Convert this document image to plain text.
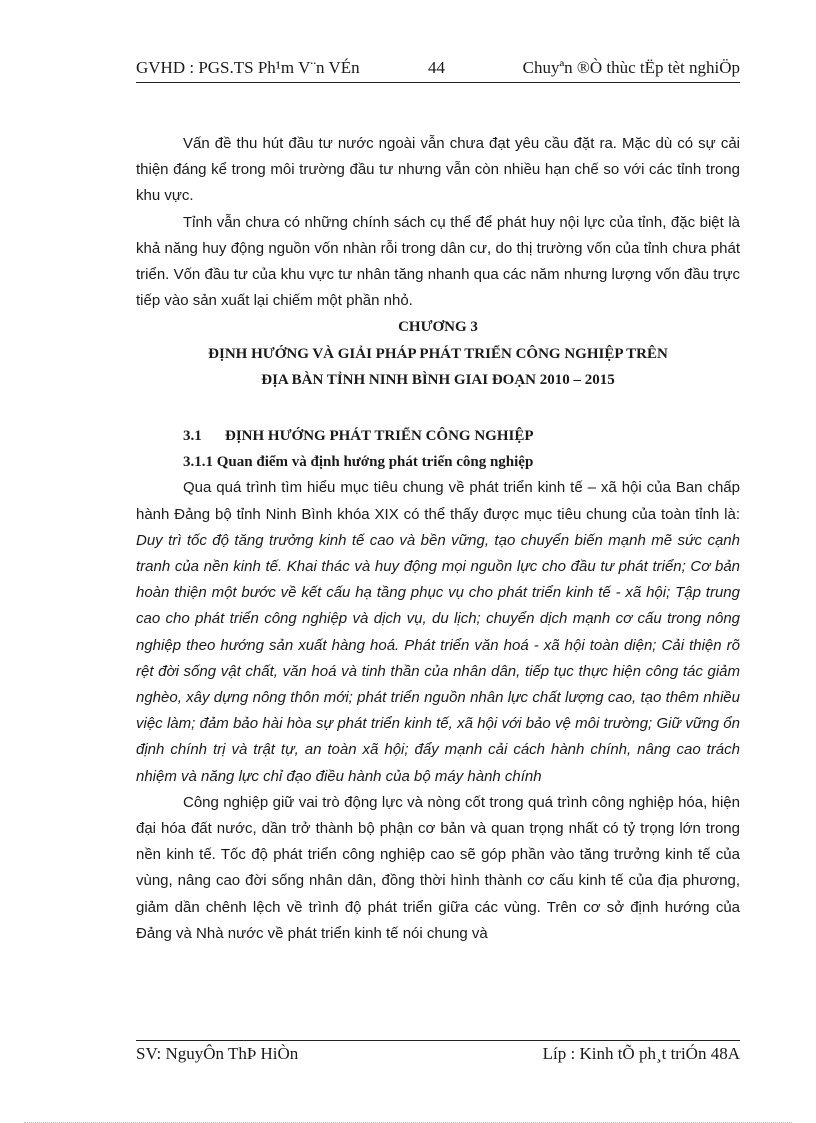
GVHD : PGS.TS Ph¹m V¨n VÉn	44	Chuyªn ®Ò thùc tËp tèt nghiÖp

Vấn đề thu hút đầu tư nước ngoài vẫn chưa đạt yêu cầu đặt ra. Mặc dù có sự cải thiện đáng kể trong môi trường đầu tư nhưng vẫn còn nhiều hạn chế so với các tỉnh trong khu vực.

Tỉnh vẫn chưa có những chính sách cụ thể để phát huy nội lực của tỉnh, đặc biệt là khả năng huy động nguồn vốn nhàn rỗi trong dân cư, do thị trường vốn của tỉnh chưa phát triển. Vốn đầu tư của khu vực tư nhân tăng nhanh qua các năm nhưng lượng vốn đầu trực tiếp vào sản xuất lại chiếm một phần nhỏ.

CHƯƠNG 3
ĐỊNH HƯỚNG VÀ GIẢI PHÁP PHÁT TRIỂN CÔNG NGHIỆP TRÊN
ĐỊA BÀN TỈNH NINH BÌNH GIAI ĐOẠN 2010 – 2015
3.1 ĐỊNH HƯỚNG PHÁT TRIỂN CÔNG NGHIỆP
3.1.1 Quan điểm và định hướng phát triển công nghiệp

Qua quá trình tìm hiểu mục tiêu chung về phát triển kinh tế – xã hội của Ban chấp hành Đảng bộ tỉnh Ninh Bình khóa XIX có thể thấy được mục tiêu chung của toàn tỉnh là: Duy trì tốc độ tăng trưởng kinh tế cao và bền vững, tạo chuyển biến mạnh mẽ sức cạnh tranh của nền kinh tế. Khai thác và huy động mọi nguồn lực cho đầu tư phát triển; Cơ bản hoàn thiện một bước về kết cấu hạ tầng phục vụ cho phát triển kinh tế - xã hội; Tập trung cao cho phát triển công nghiệp và dịch vụ, du lịch; chuyển dịch mạnh cơ cấu trong nông nghiệp theo hướng sản xuất hàng hoá. Phát triển văn hoá - xã hội toàn diện; Cải thiện rõ rệt đời sống vật chất, văn hoá và tinh thần của nhân dân, tiếp tục thực hiện công tác giảm nghèo, xây dựng nông thôn mới; phát triển nguồn nhân lực chất lượng cao, tạo thêm nhiều việc làm; đảm bảo hài hòa sự phát triển kinh tế, xã hội với bảo vệ môi trường; Giữ vững ổn định chính trị và trật tự, an toàn xã hội; đẩy mạnh cải cách hành chính, nâng cao trách nhiệm và năng lực chỉ đạo điều hành của bộ máy hành chính

Công nghiệp giữ vai trò động lực và nòng cốt trong quá trình công nghiệp hóa, hiện đại hóa đất nước, dần trở thành bộ phận cơ bản và quan trọng nhất có tỷ trọng lớn trong nền kinh tế. Tốc độ phát triển công nghiệp cao sẽ góp phần vào tăng trưởng kinh tế của vùng, nâng cao đời sống nhân dân, đồng thời hình thành cơ cấu kinh tế của địa phương, giảm dần chênh lệch về trình độ phát triển giữa các vùng. Trên cơ sở định hướng của Đảng và Nhà nước về phát triển kinh tế nói chung và

SV: NguyÔn ThÞ HiÒn	Líp : Kinh tÕ ph¸t triÓn 48A
